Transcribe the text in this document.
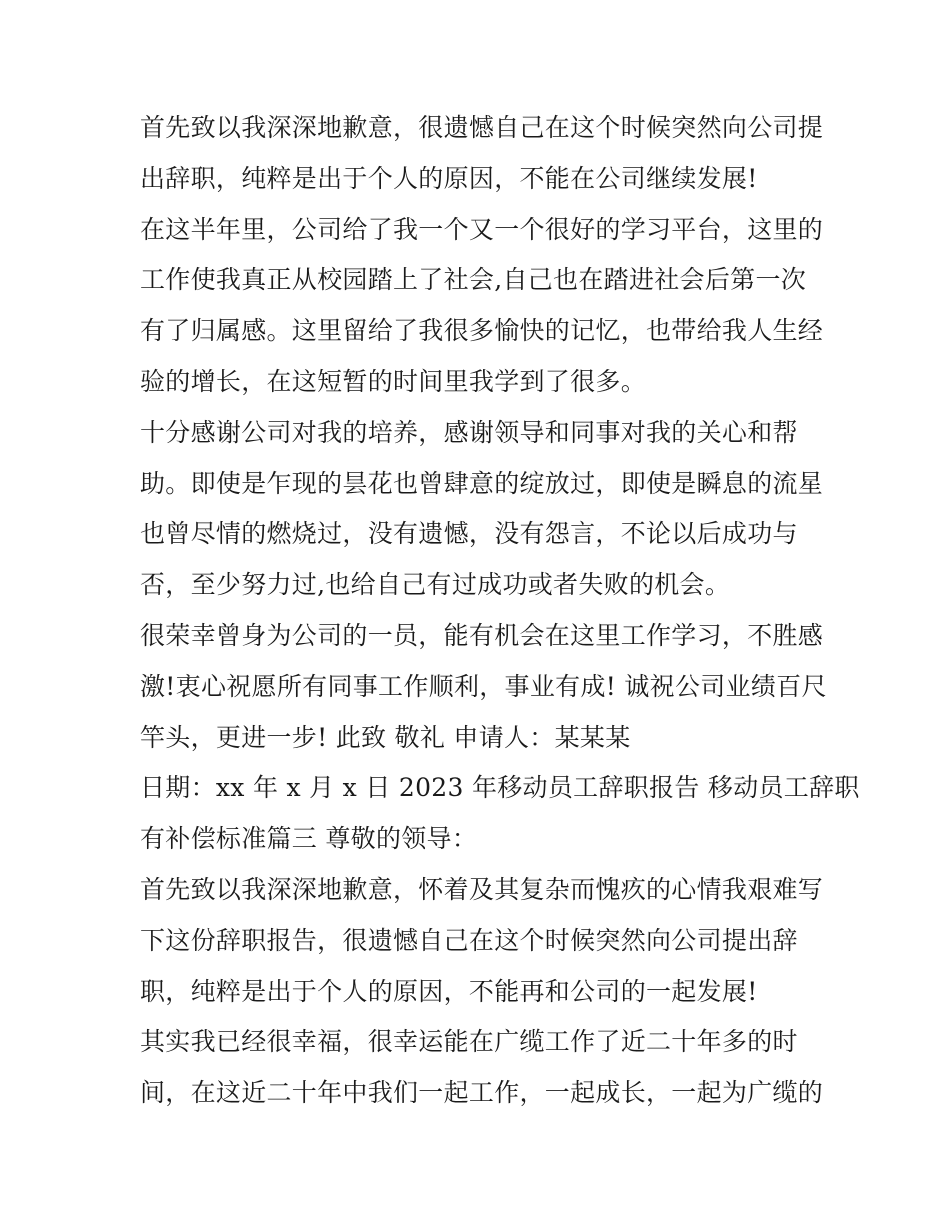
首先致以我深深地歉意，很遗憾自己在这个时候突然向公司提
出辞职，纯粹是出于个人的原因，不能在公司继续发展!
在这半年里，公司给了我一个又一个很好的学习平台，这里的
工作使我真正从校园踏上了社会,自己也在踏进社会后第一次
有了归属感。这里留给了我很多愉快的记忆，也带给我人生经
验的增长，在这短暂的时间里我学到了很多。
十分感谢公司对我的培养，感谢领导和同事对我的关心和帮
助。即使是乍现的昙花也曾肆意的绽放过，即使是瞬息的流星
也曾尽情的燃烧过，没有遗憾，没有怨言，不论以后成功与
否，至少努力过,也给自己有过成功或者失败的机会。
很荣幸曾身为公司的一员，能有机会在这里工作学习，不胜感
激!衷心祝愿所有同事工作顺利，事业有成! 诚祝公司业绩百尺
竿头，更进一步! 此致 敬礼 申请人：某某某
日期：xx 年 x 月 x 日 2023 年移动员工辞职报告 移动员工辞职
有补偿标准篇三 尊敬的领导：
首先致以我深深地歉意，怀着及其复杂而愧疚的心情我艰难写
下这份辞职报告，很遗憾自己在这个时候突然向公司提出辞
职，纯粹是出于个人的原因，不能再和公司的一起发展!
其实我已经很幸福，很幸运能在广缆工作了近二十年多的时
间，在这近二十年中我们一起工作，一起成长，一起为广缆的
